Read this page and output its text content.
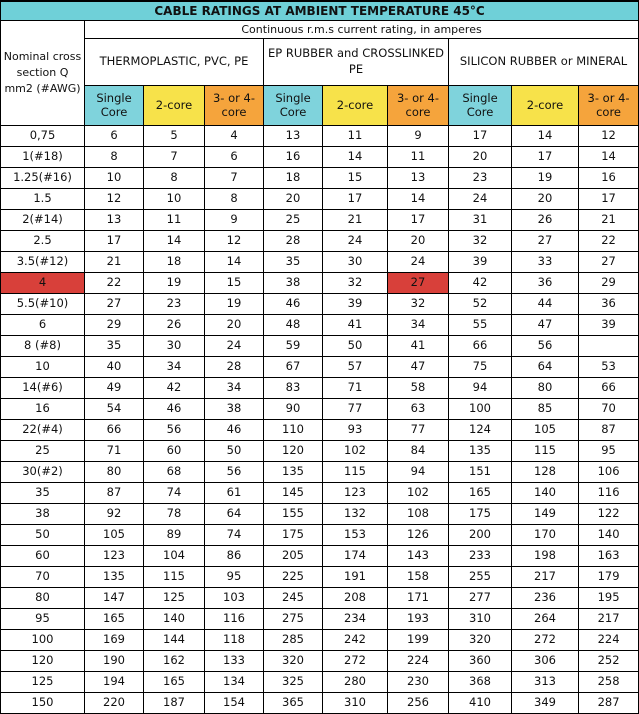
CABLE RATINGS AT AMBIENT TEMPERATURE 45°C									
Nominal cross section Q mm2 (#AWG)	Continuous r.m.s current rating, in amperes								
	THERMOPLASTIC, PVC, PE			EP RUBBER and CROSSLINKED PE			SILICON RUBBER or MINERAL		
	Single Core	2-core	3- or 4-core	Single Core	2-core	3- or 4-core	Single Core	2-core	3- or 4-core
0,75	6	5	4	13	11	9	17	14	12
1(#18)	8	7	6	16	14	11	20	17	14
1.25(#16)	10	8	7	18	15	13	23	19	16
1.5	12	10	8	20	17	14	24	20	17
2(#14)	13	11	9	25	21	17	31	26	21
2.5	17	14	12	28	24	20	32	27	22
3.5(#12)	21	18	14	35	30	24	39	33	27
4	22	19	15	38	32	27	42	36	29
5.5(#10)	27	23	19	46	39	32	52	44	36
6	29	26	20	48	41	34	55	47	39
8 (#8)	35	30	24	59	50	41	66	56	
10	40	34	28	67	57	47	75	64	53
14(#6)	49	42	34	83	71	58	94	80	66
16	54	46	38	90	77	63	100	85	70
22(#4)	66	56	46	110	93	77	124	105	87
25	71	60	50	120	102	84	135	115	95
30(#2)	80	68	56	135	115	94	151	128	106
35	87	74	61	145	123	102	165	140	116
38	92	78	64	155	132	108	175	149	122
50	105	89	74	175	153	126	200	170	140
60	123	104	86	205	174	143	233	198	163
70	135	115	95	225	191	158	255	217	179
80	147	125	103	245	208	171	277	236	195
95	165	140	116	275	234	193	310	264	217
100	169	144	118	285	242	199	320	272	224
120	190	162	133	320	272	224	360	306	252
125	194	165	134	325	280	230	368	313	258
150	220	187	154	365	310	256	410	349	287
